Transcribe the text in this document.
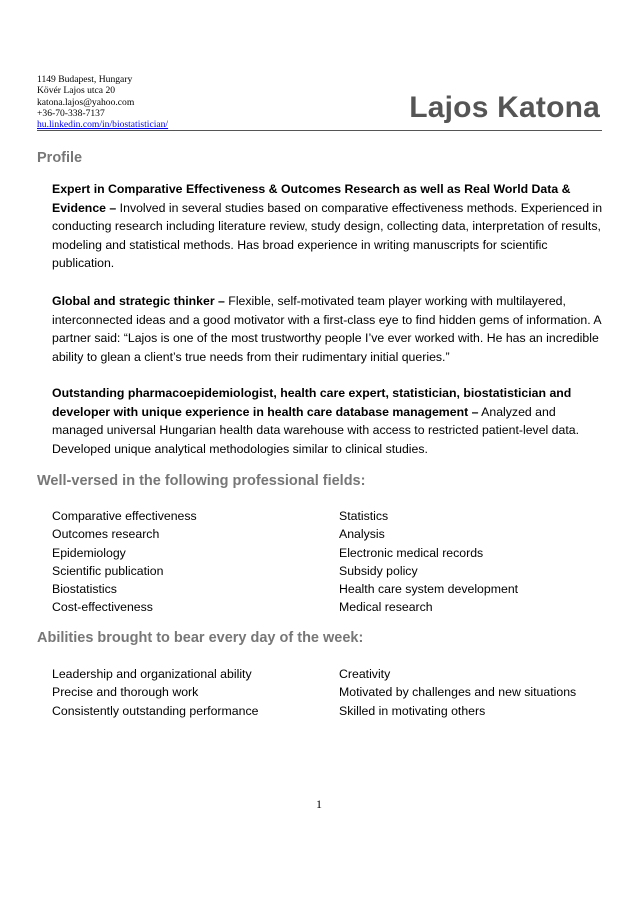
1149 Budapest, Hungary
Kövér Lajos utca 20
katona.lajos@yahoo.com
+36-70-338-7137
hu.linkedin.com/in/biostatistician/
Lajos Katona
Profile
Expert in Comparative Effectiveness & Outcomes Research as well as Real World Data & Evidence – Involved in several studies based on comparative effectiveness methods. Experienced in conducting research including literature review, study design, collecting data, interpretation of results, modeling and statistical methods. Has broad experience in writing manuscripts for scientific publication.
Global and strategic thinker – Flexible, self-motivated team player working with multilayered, interconnected ideas and a good motivator with a first-class eye to find hidden gems of information. A partner said: “Lajos is one of the most trustworthy people I’ve ever worked with. He has an incredible ability to glean a client’s true needs from their rudimentary initial queries.”
Outstanding pharmacoepidemiologist, health care expert, statistician, biostatistician and developer with unique experience in health care database management – Analyzed and managed universal Hungarian health data warehouse with access to restricted patient-level data. Developed unique analytical methodologies similar to clinical studies.
Well-versed in the following professional fields:
Comparative effectiveness	Statistics
Outcomes research	Analysis
Epidemiology	Electronic medical records
Scientific publication	Subsidy policy
Biostatistics	Health care system development
Cost-effectiveness	Medical research
Abilities brought to bear every day of the week:
Leadership and organizational ability	Creativity
Precise and thorough work	Motivated by challenges and new situations
Consistently outstanding performance	Skilled in motivating others
1
